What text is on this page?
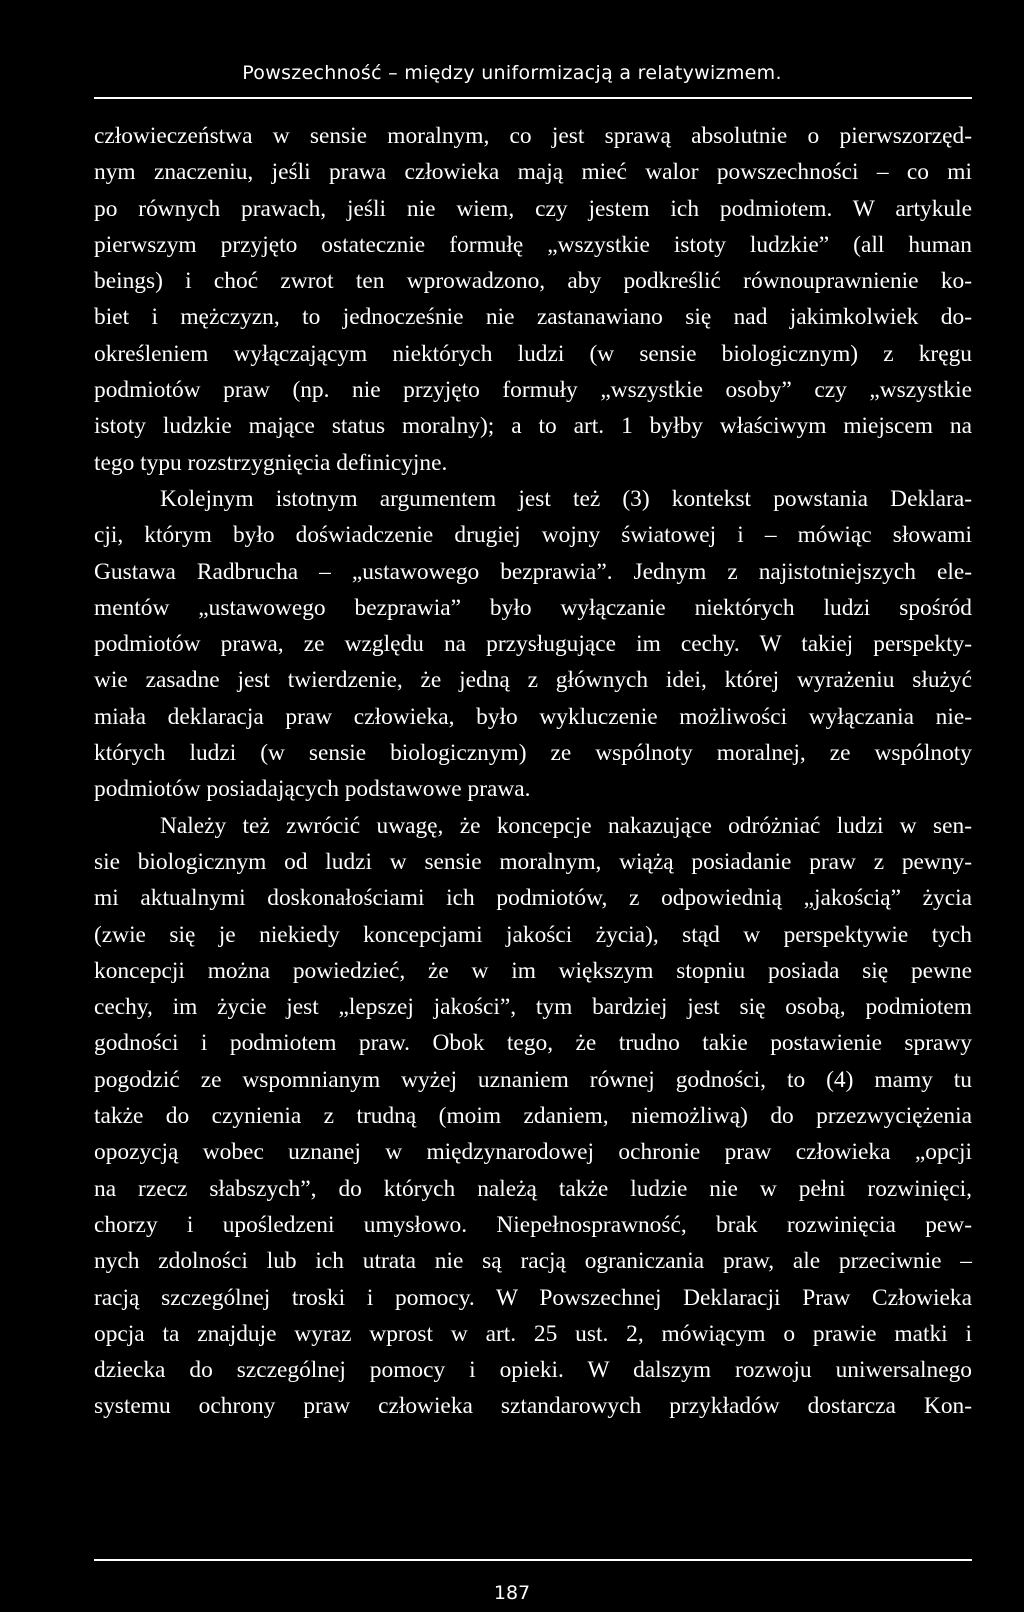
Powszechność – między uniformizacją a relatywizmem.
człowieczeństwa w sensie moralnym, co jest sprawą absolutnie o pierwszorzęd-
nym znaczeniu, jeśli prawa człowieka mają mieć walor powszechności – co mi
po równych prawach, jeśli nie wiem, czy jestem ich podmiotem. W artykule
pierwszym przyjęto ostatecznie formułę „wszystkie istoty ludzkie” (all human
beings) i choć zwrot ten wprowadzono, aby podkreślić równouprawnienie ko-
biet i mężczyzn, to jednocześnie nie zastanawiano się nad jakimkolwiek do-
określeniem wyłączającym niektórych ludzi (w sensie biologicznym) z kręgu
podmiotów praw (np. nie przyjęto formuły „wszystkie osoby” czy „wszystkie
istoty ludzkie mające status moralny); a to art. 1 byłby właściwym miejscem na
tego typu rozstrzygnięcia definicyjne.
Kolejnym istotnym argumentem jest też (3) kontekst powstania Deklara-
cji, którym było doświadczenie drugiej wojny światowej i – mówiąc słowami
Gustawa Radbrucha – „ustawowego bezprawia”. Jednym z najistotniejszych ele-
mentów „ustawowego bezprawia” było wyłączanie niektórych ludzi spośród
podmiotów prawa, ze względu na przysługujące im cechy. W takiej perspekty-
wie zasadne jest twierdzenie, że jedną z głównych idei, której wyrażeniu służyć
miała deklaracja praw człowieka, było wykluczenie możliwości wyłączania nie-
których ludzi (w sensie biologicznym) ze wspólnoty moralnej, ze wspólnoty
podmiotów posiadających podstawowe prawa.
Należy też zwrócić uwagę, że koncepcje nakazujące odróżniać ludzi w sen-
sie biologicznym od ludzi w sensie moralnym, wiążą posiadanie praw z pewny-
mi aktualnymi doskonałościami ich podmiotów, z odpowiednią „jakością” życia
(zwie się je niekiedy koncepcjami jakości życia), stąd w perspektywie tych
koncepcji można powiedzieć, że w im większym stopniu posiada się pewne
cechy, im życie jest „lepszej jakości”, tym bardziej jest się osobą, podmiotem
godności i podmiotem praw. Obok tego, że trudno takie postawienie sprawy
pogodzić ze wspomnianym wyżej uznaniem równej godności, to (4) mamy tu
także do czynienia z trudną (moim zdaniem, niemożliwą) do przezwyciężenia
opozycją wobec uznanej w międzynarodowej ochronie praw człowieka „opcji
na rzecz słabszych”, do których należą także ludzie nie w pełni rozwinięci,
chorzy i upośledzeni umysłowo. Niepełnosprawność, brak rozwinięcia pew-
nych zdolności lub ich utrata nie są racją ograniczania praw, ale przeciwnie –
racją szczególnej troski i pomocy. W Powszechnej Deklaracji Praw Człowieka
opcja ta znajduje wyraz wprost w art. 25 ust. 2, mówiącym o prawie matki i
dziecka do szczególnej pomocy i opieki. W dalszym rozwoju uniwersalnego
systemu ochrony praw człowieka sztandarowych przykładów dostarcza Kon-
187
